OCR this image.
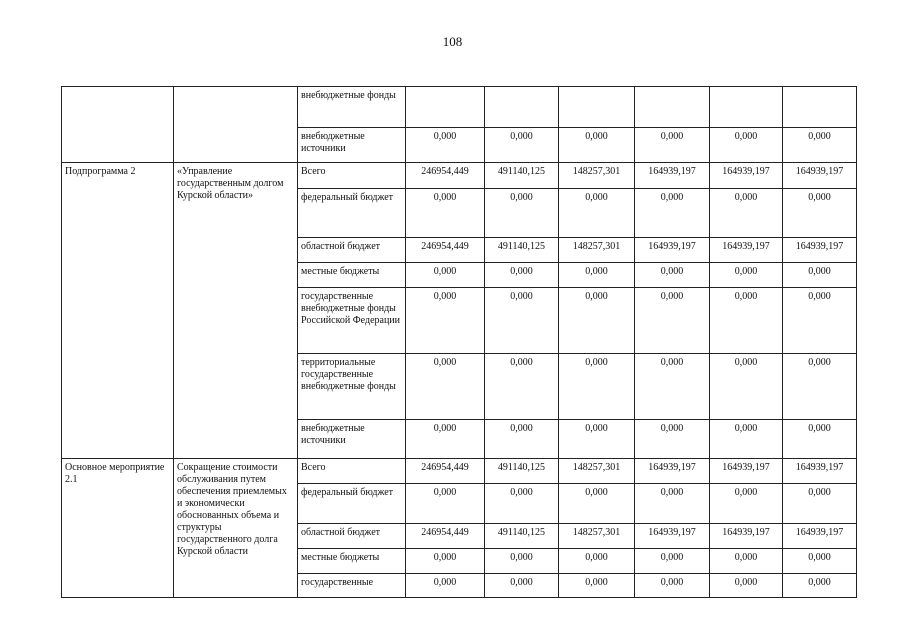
108
		внебюджетные фонды						
		внебюджетные источники	0,000	0,000	0,000	0,000	0,000	0,000
Подпрограмма 2	«Управление государственным долгом Курской области»	Всего	246954,449	491140,125	148257,301	164939,197	164939,197	164939,197
		федеральный бюджет	0,000	0,000	0,000	0,000	0,000	0,000
		областной бюджет	246954,449	491140,125	148257,301	164939,197	164939,197	164939,197
		местные бюджеты	0,000	0,000	0,000	0,000	0,000	0,000
		государственные внебюджетные фонды Российской Федерации	0,000	0,000	0,000	0,000	0,000	0,000
		территориальные государственные внебюджетные фонды	0,000	0,000	0,000	0,000	0,000	0,000
		внебюджетные источники	0,000	0,000	0,000	0,000	0,000	0,000
Основное мероприятие 2.1	Сокращение стоимости обслуживания путем обеспечения приемлемых и экономически обоснованных объема и структуры государственного долга Курской области	Всего	246954,449	491140,125	148257,301	164939,197	164939,197	164939,197
		федеральный бюджет	0,000	0,000	0,000	0,000	0,000	0,000
		областной бюджет	246954,449	491140,125	148257,301	164939,197	164939,197	164939,197
		местные бюджеты	0,000	0,000	0,000	0,000	0,000	0,000
		государственные	0,000	0,000	0,000	0,000	0,000	0,000
